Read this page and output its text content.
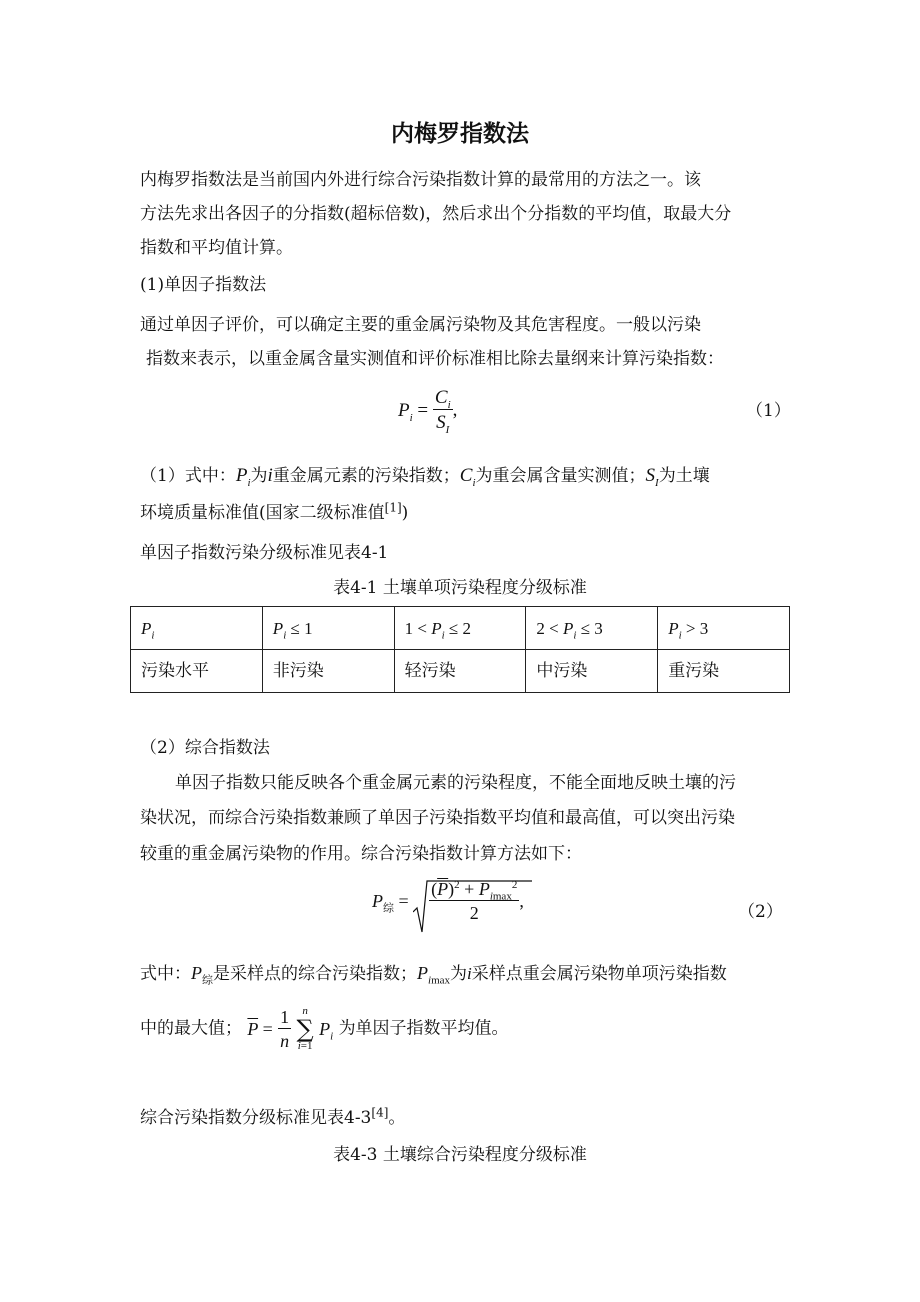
内梅罗指数法
内梅罗指数法是当前国内外进行综合污染指数计算的最常用的方法之一。该
方法先求出各因子的分指数(超标倍数)，然后求出个分指数的平均值，取最大分
指数和平均值计算。
(1)单因子指数法
通过单因子评价，可以确定主要的重金属污染物及其危害程度。一般以污染
指数来表示，以重金属含量实测值和评价标准相比除去量纲来计算污染指数：
$P_i = \frac{C_i}{S_I}$ ,	（1）
（1）式中：$P_i$为i重金属元素的污染指数；$C_i$为重会属含量实测值；$S_I$为土壤
环境质量标准值(国家二级标准值[1])
单因子指数污染分级标准见表4-1
表4-1 土壤单项污染程度分级标准
$P_i$	$P_i \le 1$	$1 < P_i \le 2$	$2 < P_i \le 3$	$P_i > 3$
污染水平	非污染	轻污染	中污染	重污染
（2）综合指数法
单因子指数只能反映各个重金属元素的污染程度，不能全面地反映土壤的污
染状况，而综合污染指数兼顾了单因子污染指数平均值和最高值，可以突出污染
较重的重金属污染物的作用。综合污染指数计算方法如下：
$P_综 = \frac{(\overline{P})^2 + P_{imax}^2}{2}$ ,
（2）
式中：$P_综$是采样点的综合污染指数；$P_{imax}$为i采样点重会属污染物单项污染指数
中的最大值； $\overline{P} = \frac{1}{n}$
	n
∑
i=1
$P_i$ 为单因子指数平均值。
综合污染指数分级标准见表4-3[4]。
表4-3 土壤综合污染程度分级标准
